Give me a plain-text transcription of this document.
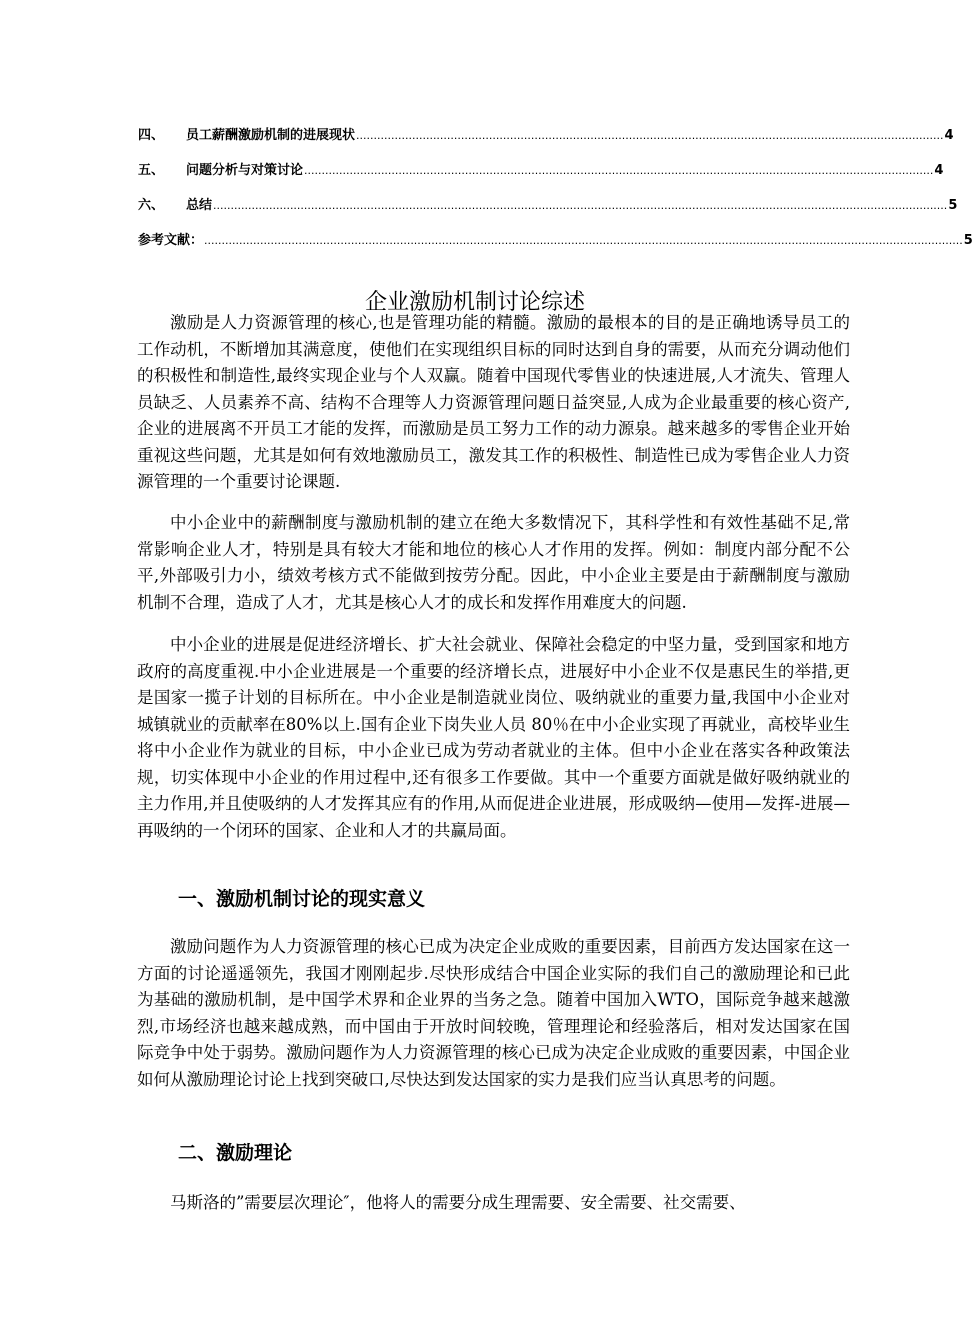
四、	员工薪酬激励机制的进展现状 ........................................................................................................................................................................ 4
五、	问题分析与对策讨论 .................................................................................................................................................................................... 4
六、	总结 .................................................................................................................................................................................................................. 5
参考文献： ......................................................................................................................................................................................................................... 5
企业激励机制讨论综述

激励是人力资源管理的核心,也是管理功能的精髓。激励的最根本的目的是正确地诱导员工的工作动机，不断增加其满意度，使他们在实现组织目标的同时达到自身的需要，从而充分调动他们的积极性和制造性,最终实现企业与个人双赢。随着中国现代零售业的快速进展,人才流失、管理人员缺乏、人员素养不高、结构不合理等人力资源管理问题日益突显,人成为企业最重要的核心资产,企业的进展离不开员工才能的发挥，而激励是员工努力工作的动力源泉。越来越多的零售企业开始重视这些问题，尤其是如何有效地激励员工，激发其工作的积极性、制造性已成为零售企业人力资源管理的一个重要讨论课题.

中小企业中的薪酬制度与激励机制的建立在绝大多数情况下，其科学性和有效性基础不足,常常影响企业人才，特别是具有较大才能和地位的核心人才作用的发挥。例如：制度内部分配不公平,外部吸引力小，绩效考核方式不能做到按劳分配。因此，中小企业主要是由于薪酬制度与激励机制不合理，造成了人才，尤其是核心人才的成长和发挥作用难度大的问题.

中小企业的进展是促进经济增长、扩大社会就业、保障社会稳定的中坚力量，受到国家和地方政府的高度重视.中小企业进展是一个重要的经济增长点，进展好中小企业不仅是惠民生的举措,更是国家一揽子计划的目标所在。中小企业是制造就业岗位、吸纳就业的重要力量,我国中小企业对城镇就业的贡献率在80%以上.国有企业下岗失业人员 80％在中小企业实现了再就业，高校毕业生将中小企业作为就业的目标，中小企业已成为劳动者就业的主体。但中小企业在落实各种政策法规，切实体现中小企业的作用过程中,还有很多工作要做。其中一个重要方面就是做好吸纳就业的主力作用,并且使吸纳的人才发挥其应有的作用,从而促进企业进展，形成吸纳—使用—发挥-进展—再吸纳的一个闭环的国家、企业和人才的共赢局面。

一、激励机制讨论的现实意义

激励问题作为人力资源管理的核心已成为决定企业成败的重要因素，目前西方发达国家在这一方面的讨论遥遥领先，我国才刚刚起步.尽快形成结合中国企业实际的我们自己的激励理论和已此为基础的激励机制，是中国学术界和企业界的当务之急。随着中国加入WTO，国际竞争越来越激烈,市场经济也越来越成熟，而中国由于开放时间较晚，管理理论和经验落后，相对发达国家在国际竞争中处于弱势。激励问题作为人力资源管理的核心已成为决定企业成败的重要因素，中国企业如何从激励理论讨论上找到突破口,尽快达到发达国家的实力是我们应当认真思考的问题。

二、激励理论

马斯洛的”需要层次理论″，他将人的需要分成生理需要、安全需要、社交需要、
